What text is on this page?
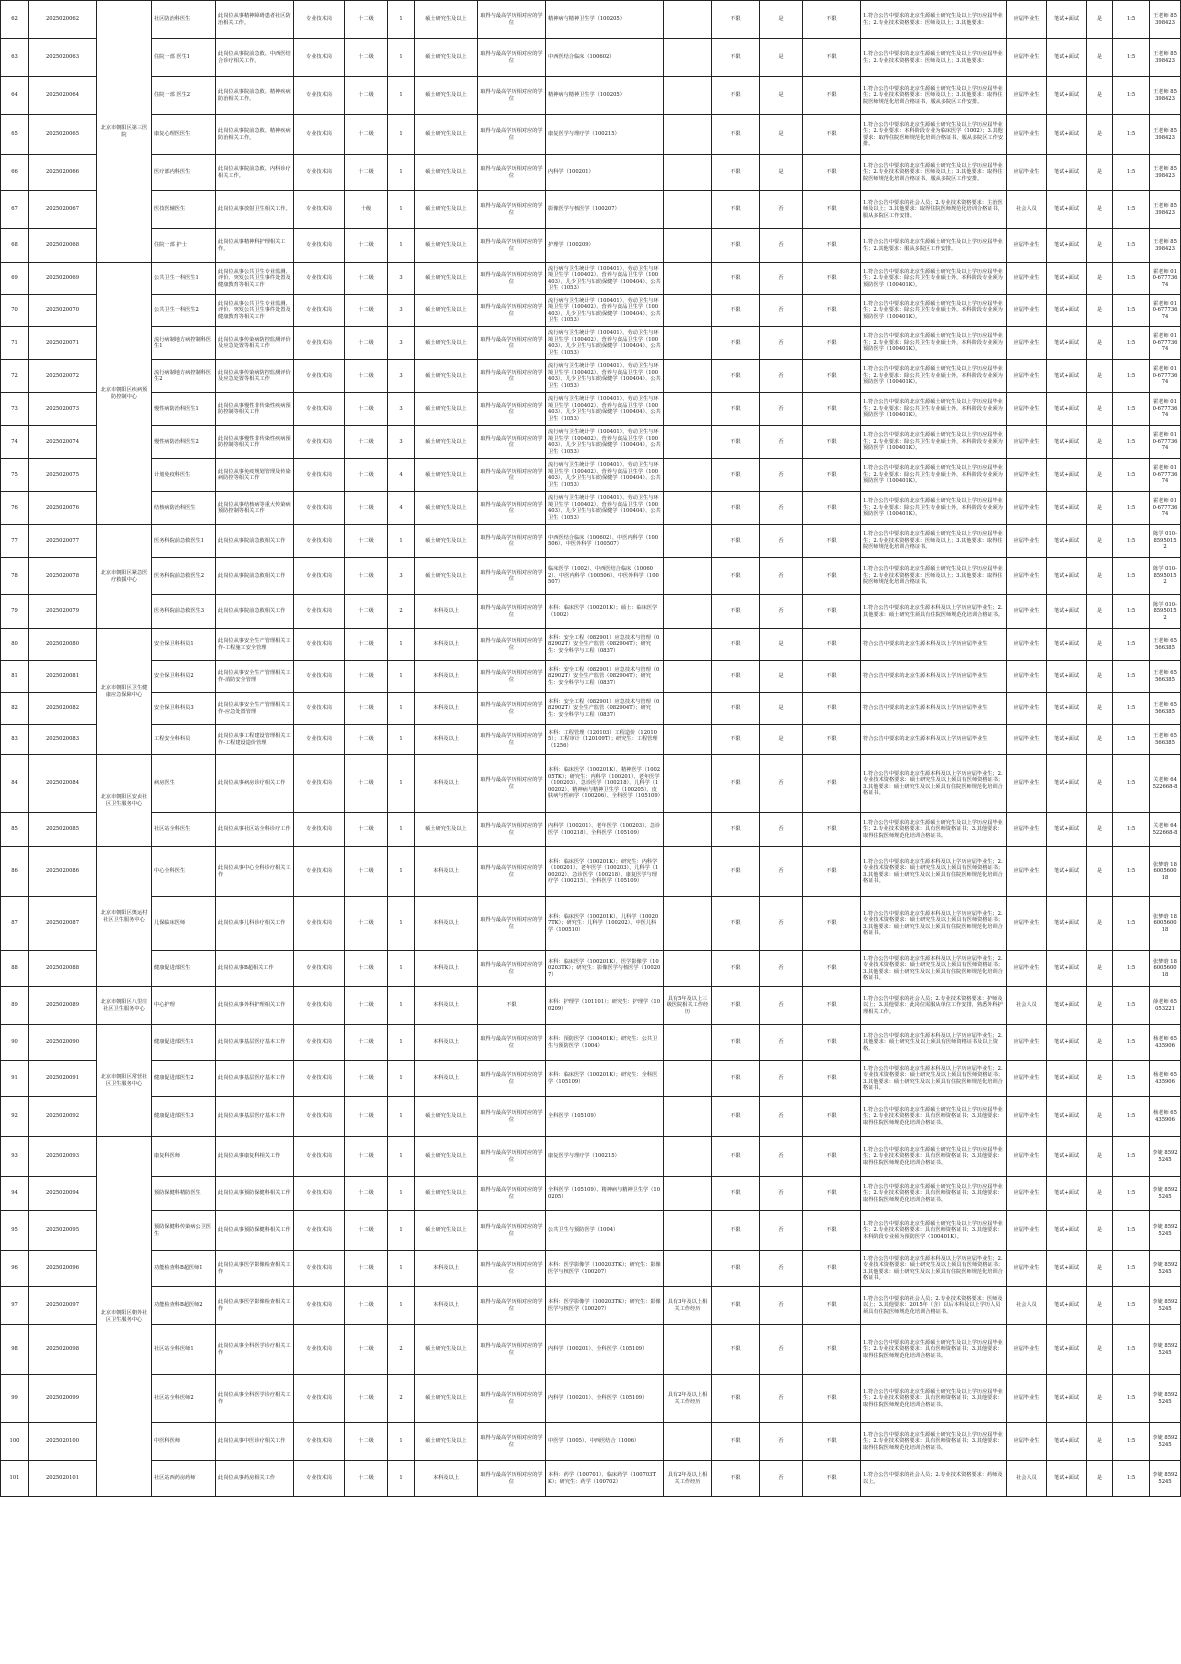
62	2025020062	北京市朝阳区第三医院	社区防治科医生	此岗位从事精神障碍患者社区防治相关工作。	专业技术岗	十二级	1	硕士研究生及以上	取得与最高学历相对应的学位	精神病与精神卫生学（100205）		不限	是	不限	1.符合公告中要求的北京生源硕士研究生及以上学历应届毕业生；2.专业技术资格要求：医师及以上；3.其他要求：	应届毕业生	笔试+面试	是	1:5	王老师 85398423
63	2025020063		住院一部 医生1	此岗位从事院前急救、中西医结合诊疗相关工作。	专业技术岗	十二级	1	硕士研究生及以上	取得与最高学历相对应的学位	中西医结合临床（100602）		不限	是	不限	1.符合公告中要求的北京生源硕士研究生及以上学历应届毕业生；2.专业技术资格要求：医师及以上；3.其他要求：	应届毕业生	笔试+面试	是	1:5	王老师 85398423
64	2025020064		住院一部 医生2	此岗位从事院前急救、精神疾病防治相关工作。	专业技术岗	十二级	1	硕士研究生及以上	取得与最高学历相对应的学位	精神病与精神卫生学（100205）		不限	是	不限	1.符合公告中要求的北京生源硕士研究生及以上学历应届毕业生；2.专业技术资格要求：医师及以上；3.其他要求：取得住院医师规范化培训合格证书，服从多院区工作安排。	应届毕业生	笔试+面试	是	1:5	王老师 85398423
65	2025020065		康复心理医医生	此岗位从事院前急救、精神疾病防治相关工作。	专业技术岗	十二级	1	硕士研究生及以上	取得与最高学历相对应的学位	康复医学与理疗学（100215）		不限	是	不限	1.符合公告中要求的北京生源硕士研究生及以上学历应届毕业生；2.专业要求：本科阶段专业为临床医学（1002）；3.其他要求：取得住院医师规范化培训合格证书，服从多院区工作安排。	应届毕业生	笔试+面试	是	1:5	王老师 85398423
66	2025020066		医疗部内科医生	此岗位从事院前急救、内科诊疗相关工作。	专业技术岗	十二级	1	硕士研究生及以上	取得与最高学历相对应的学位	内科学（100201）		不限	是	不限	1.符合公告中要求的北京生源硕士研究生及以上学历应届毕业生；2.专业技术资格要求：医师及以上；3.其他要求：取得住院医师规范化培训合格证书，服从多院区工作安排。	应届毕业生	笔试+面试	是	1:5	王老师 85398423
67	2025020067		医技医辅医生	此岗位从事放射卫生相关工作。	专业技术岗	十级	1	硕士研究生及以上	取得与最高学历相对应的学位	影像医学与核医学（100207）		不限	否	不限	1.符合公告中要求的社会人员；2.专业技术资格要求：主治医师及以上；3.其他要求：取得住院医师规范化培训合格证书，服从多院区工作安排。	社会人员	笔试+面试	是	1:5	王老师 85398423
68	2025020068		住院一部 护士	此岗位从事精神科护理相关工作。	专业技术岗	十二级	1	硕士研究生及以上	取得与最高学历相对应的学位	护理学（100209）		不限	否	不限	1.符合公告中要求的北京生源硕士研究生及以上学历应届毕业生；2.其他要求：服从多院区工作安排。	应届毕业生	笔试+面试	是	1:5	王老师 85398423
69	2025020069	北京市朝阳区疾病预防控制中心	公共卫生一科医生1	此岗位从事公共卫生专业监测、评价、突发公共卫生事件处置及健康教育等相关工作	专业技术岗	十二级	3	硕士研究生及以上	取得与最高学历相对应的学位	流行病与卫生统计学（100401）、劳动卫生与环境卫生学（100402）、营养与食品卫生学（100403）、儿少卫生与妇幼保健学（100404）、公共卫生（1053）		不限	否	不限	1.符合公告中要求的北京生源硕士研究生及以上学历应届毕业生；2.专业要求：除公共卫生专业硕士外，本科阶段专业须为预防医学（100401K）。	应届毕业生	笔试+面试	是	1:5	霍老师 010-67773674
70	2025020070		公共卫生一科医生2	此岗位从事公共卫生专业监测、评价、突发公共卫生事件处置及健康教育等相关工作	专业技术岗	十二级	3	硕士研究生及以上	取得与最高学历相对应的学位	流行病与卫生统计学（100401）、劳动卫生与环境卫生学（100402）、营养与食品卫生学（100403）、儿少卫生与妇幼保健学（100404）、公共卫生（1053）		不限	否	不限	1.符合公告中要求的北京生源硕士研究生及以上学历应届毕业生；2.专业要求：除公共卫生专业硕士外，本科阶段专业须为预防医学（100401K）。	应届毕业生	笔试+面试	是	1:5	霍老师 010-67773674
71	2025020071		流行病制地方病控制科医生1	此岗位从事传染病防控监测评价及应急处置等相关工作	专业技术岗	十二级	3	硕士研究生及以上	取得与最高学历相对应的学位	流行病与卫生统计学（100401）、劳动卫生与环境卫生学（100402）、营养与食品卫生学（100403）、儿少卫生与妇幼保健学（100404）、公共卫生（1053）		不限	否	不限	1.符合公告中要求的北京生源硕士研究生及以上学历应届毕业生；2.专业要求：除公共卫生专业硕士外，本科阶段专业须为预防医学（100401K）。	应届毕业生	笔试+面试	是	1:5	霍老师 010-67773674
72	2025020072		流行病制地方病控制科医生2	此岗位从事传染病防控监测评价及应急处置等相关工作	专业技术岗	十二级	3	硕士研究生及以上	取得与最高学历相对应的学位	流行病与卫生统计学（100401）、劳动卫生与环境卫生学（100402）、营养与食品卫生学（100403）、儿少卫生与妇幼保健学（100404）、公共卫生（1053）		不限	否	不限	1.符合公告中要求的北京生源硕士研究生及以上学历应届毕业生；2.专业要求：除公共卫生专业硕士外，本科阶段专业须为预防医学（100401K）。	应届毕业生	笔试+面试	是	1:5	霍老师 010-67773674
73	2025020073		慢性病防治科医生1	此岗位从事慢性非传染性疾病预防控制等相关工作	专业技术岗	十二级	3	硕士研究生及以上	取得与最高学历相对应的学位	流行病与卫生统计学（100401）、劳动卫生与环境卫生学（100402）、营养与食品卫生学（100403）、儿少卫生与妇幼保健学（100404）、公共卫生（1053）		不限	否	不限	1.符合公告中要求的北京生源硕士研究生及以上学历应届毕业生；2.专业要求：除公共卫生专业硕士外，本科阶段专业须为预防医学（100401K）。	应届毕业生	笔试+面试	是	1:5	霍老师 010-67773674
74	2025020074		慢性病防治科医生2	此岗位从事慢性非传染性疾病预防控制等相关工作	专业技术岗	十二级	3	硕士研究生及以上	取得与最高学历相对应的学位	流行病与卫生统计学（100401）、劳动卫生与环境卫生学（100402）、营养与食品卫生学（100403）、儿少卫生与妇幼保健学（100404）、公共卫生（1053）		不限	否	不限	1.符合公告中要求的北京生源硕士研究生及以上学历应届毕业生；2.专业要求：除公共卫生专业硕士外，本科阶段专业须为预防医学（100401K）。	应届毕业生	笔试+面试	是	1:5	霍老师 010-67773674
75	2025020075		计划免疫科医生	此岗位从事免疫规划管理及传染病防控等相关工作	专业技术岗	十二级	4	硕士研究生及以上	取得与最高学历相对应的学位	流行病与卫生统计学（100401）、劳动卫生与环境卫生学（100402）、营养与食品卫生学（100403）、儿少卫生与妇幼保健学（100404）、公共卫生（1053）		不限	否	不限	1.符合公告中要求的北京生源硕士研究生及以上学历应届毕业生；2.专业要求：除公共卫生专业硕士外，本科阶段专业须为预防医学（100401K）。	应届毕业生	笔试+面试	是	1:5	霍老师 010-67773674
76	2025020076		结核病防治科医生	此岗位从事结核病等重大传染病预防控制等相关工作	专业技术岗	十二级	4	硕士研究生及以上	取得与最高学历相对应的学位	流行病与卫生统计学（100401）、劳动卫生与环境卫生学（100402）、营养与食品卫生学（100403）、儿少卫生与妇幼保健学（100404）、公共卫生（1053）		不限	否	不限	1.符合公告中要求的北京生源硕士研究生及以上学历应届毕业生；2.专业要求：除公共卫生专业硕士外，本科阶段专业须为预防医学（100401K）。	应届毕业生	笔试+面试	是	1:5	霍老师 010-67773674
77	2025020077	北京市朝阳区紧急医疗救援中心	医务科院前急救医生1	此岗位从事院前急救相关工作	专业技术岗	十二级	1	硕士研究生及以上	取得与最高学历相对应的学位	中西医结合临床（100602）、中医内科学（100506）、中医外科学（100507）		不限	否	不限	1.符合公告中要求的北京生源硕士研究生及以上学历应届毕业生；2.专业技术资格要求：医师及以上；3.其他要求：取得住院医师规范化培训合格证书。	应届毕业生	笔试+面试	是	1:5	陈学 010-85950152
78	2025020078		医务科院前急救医生2	此岗位从事院前急救相关工作	专业技术岗	十二级	3	硕士研究生及以上	取得与最高学历相对应的学位	临床医学（1002）、中西医结合临床（100602）、中医内科学（100506）、中医外科学（100507）		不限	否	不限	1.符合公告中要求的北京生源硕士研究生及以上学历应届毕业生；2.专业技术资格要求：医师及以上；3.其他要求：取得住院医师规范化培训合格证书。	应届毕业生	笔试+面试	是	1:5	陈学 010-85950152
79	2025020079		医务科院前急救医生3	此岗位从事院前急救相关工作	专业技术岗	十二级	2	本科及以上	取得与最高学历相对应的学位	本科：临床医学（100201K）；硕士：临床医学（1002）		不限	否	不限	1.符合公告中要求的北京生源本科及以上学历应届毕业生；2.其他要求：硕士研究生须具有住院医师规范化培训合格证书。	应届毕业生	笔试+面试	是	1:5	陈学 010-85950152
80	2025020080	北京市朝阳区卫生健康应急保障中心	安全保卫科科员1	此岗位从事安全生产管理相关工作-工程施工安全管理	专业技术岗	十二级	1	本科及以上	取得与最高学历相对应的学位	本科：安全工程（082901）应急技术与管理（082902T）安全生产监管（082904T）；研究生：安全科学与工程（0837）		不限	是	不限	符合公告中要求的北京生源本科及以上学历应届毕业生	应届毕业生	笔试+面试	是	1:5	王老师 65566385
81	2025020081		安全保卫科科员2	此岗位从事安全生产管理相关工作-消防安全管理	专业技术岗	十二级	1	本科及以上	取得与最高学历相对应的学位	本科：安全工程（082901）应急技术与管理（082902T）安全生产监管（082904T）；研究生：安全科学与工程（0837）		不限	是	不限	符合公告中要求的北京生源本科及以上学历应届毕业生	应届毕业生	笔试+面试	是	1:5	王老师 65566385
82	2025020082		安全保卫科科员3	此岗位从事安全生产管理相关工作-应急处置管理	专业技术岗	十二级	1	本科及以上	取得与最高学历相对应的学位	本科：安全工程（082901）应急技术与管理（082902T）安全生产监管（082904T）；研究生：安全科学与工程（0837）		不限	是	不限	符合公告中要求的北京生源本科及以上学历应届毕业生	应届毕业生	笔试+面试	是	1:5	王老师 65566385
83	2025020083		工程安全科科员	此岗位从事工程建设管理相关工作-工程建设造价管理	专业技术岗	十二级	1	本科及以上	取得与最高学历相对应的学位	本科：工程管理（120103）工程造价（120105）；工程审计（120109T）；研究生：工程管理（1256）		不限	是	不限	符合公告中要求的北京生源本科及以上学历应届毕业生	应届毕业生	笔试+面试	是	1:5	王老师 65566385
84	2025020084	北京市朝阳区安贞社区卫生服务中心	病房医生	此岗位从事病房诊疗相关工作	专业技术岗	十二级	1	本科及以上	取得与最高学历相对应的学位	本科：临床医学（100201K）、精神医学（100205TK）；研究生：内科学（100201）、老年医学（100203）、急诊医学（100218）、儿科学（100202）、精神病与精神卫生学（100205）、皮肤病与性病学（100206）、全科医学（105109）		不限	否	不限	1.符合公告中要求的北京生源本科及以上学历应届毕业生；2.专业技术资格要求：硕士研究生及以上须具有医师资格证书；3.其他要求：硕士研究生及以上须具有住院医师规范化培训合格证书。	应届毕业生	笔试+面试	是	1:5	关老师 64522668-8
85	2025020085		社区站全科医生	此岗位从事社区站全科诊疗工作	专业技术岗	十二级	1	硕士研究生及以上	取得与最高学历相对应的学位	内科学（100201）、老年医学（100203）、急诊医学（100218）、全科医学（105109）		不限	否	不限	1.符合公告中要求的北京生源硕士研究生及以上学历应届毕业生；2.专业技术资格要求：具有医师资格证书；3.其他要求：取得住院医师规范化培训合格证书。	应届毕业生	笔试+面试	是	1:5	关老师 64522668-8
86	2025020086	北京市朝阳区奥运村社区卫生服务中心	中心全科医生	此岗位从事中心全科诊疗相关工作	专业技术岗	十二级	1	本科及以上	取得与最高学历相对应的学位	本科：临床医学（100201K）；研究生：内科学（100201）、老年医学（100203）、儿科学（100202）、急诊医学（100218）、康复医学与理疗学（100215）、全科医学（105109）		不限	否	不限	1.符合公告中要求的北京生源本科及以上学历应届毕业生；2.专业技术资格要求：硕士研究生及以上须具有医师资格证书；3.其他要求：硕士研究生及以上须具有住院医师规范化培训合格证书。	应届毕业生	笔试+面试	是	1:5	张梦晗 18600560018
87	2025020087		儿保临床医师	此岗位从事儿科诊疗相关工作	专业技术岗	十二级	1	本科及以上	取得与最高学历相对应的学位	本科：临床医学（100201K）、儿科学（100207TK）；研究生：儿科学（100202）、中医儿科学（100510）		不限	否	不限	1.符合公告中要求的北京生源本科及以上学历应届毕业生；2.专业技术资格要求：硕士研究生及以上须具有医师资格证书；3.其他要求：硕士研究生及以上须具有住院医师规范化培训合格证书。	应届毕业生	笔试+面试	是	1:5	张梦晗 18600560018
88	2025020088		健康促进部医生	此岗位从事B超相关工作	专业技术岗	十二级	1	本科及以上	取得与最高学历相对应的学位	本科：临床医学（100201K）、医学影像学（100203TK）；研究生：影像医学与核医学（100207）		不限	否	不限	1.符合公告中要求的北京生源本科及以上学历应届毕业生；2.专业技术资格要求：硕士研究生及以上须具有医师资格证书；3.其他要求：硕士研究生及以上须具有住院医师规范化培训合格证书。	应届毕业生	笔试+面试	是	1:5	张梦晗 18600560018
89	2025020089	北京市朝阳区八里庄社区卫生服务中心	中心护理	此岗位从事外科护理相关工作	专业技术岗	十二级	1	本科及以上	不限	本科：护理学（101101）；研究生：护理学（100209）	具有5年及以上三级医院相关工作经历	不限	否	不限	1.符合公告中要求的社会人员；2.专业技术资格要求：护师及以上；3.其他要求：此岗位需服从单位工作安排，熟悉外科护理相关工作。	社会人员	笔试+面试	是	1:5	薛老师 65053221
90	2025020090	北京市朝阳区常营社区卫生服务中心	健康促进部医生1	此岗位从事基层医疗基本工作	专业技术岗	十二级	1	本科及以上	取得与最高学历相对应的学位	本科：预防医学（100401K）；研究生：公共卫生与预防医学（1004）		不限	否	不限	1.符合公告中要求的北京生源本科及以上学历应届毕业生；2.其他要求：硕士研究生及以上须具有医师资格证书及以上资格。	应届毕业生	笔试+面试	是	1:5	杨老师 65435906
91	2025020091		健康促进部医生2	此岗位从事基层医疗基本工作	专业技术岗	十二级	1	本科及以上	取得与最高学历相对应的学位	本科：临床医学（100201K）；研究生：全科医学（105109）		不限	否	不限	1.符合公告中要求的北京生源本科及以上学历应届毕业生；2.专业技术资格要求：硕士研究生及以上须具有医师资格证书；3.其他要求：硕士研究生及以上须具有住院医师规范化培训合格证书。	应届毕业生	笔试+面试	是	1:5	杨老师 65435906
92	2025020092		健康促进部医生3	此岗位从事基层医疗基本工作	专业技术岗	十二级	1	硕士研究生及以上	取得与最高学历相对应的学位	全科医学（105109）		不限	否	不限	1.符合公告中要求的北京生源硕士研究生及以上学历应届毕业生；2.专业技术资格要求：具有医师资格证书；3.其他要求：取得住院医师规范化培训合格证书。	应届毕业生	笔试+面试	是	1:5	杨老师 65435906
93	2025020093	北京市朝阳区朝外社区卫生服务中心	康复科医师	此岗位从事康复科相关工作	专业技术岗	十二级	1	硕士研究生及以上	取得与最高学历相对应的学位	康复医学与理疗学（100215）		不限	否	不限	1.符合公告中要求的北京生源硕士研究生及以上学历应届毕业生；2.专业技术资格要求：具有医师资格证书；3.其他要求：取得住院医师规范化培训合格证书。	应届毕业生	笔试+面试	是	1:5	李婕 85925245
94	2025020094		预防保健科精防医生	此岗位从事预防保健科相关工作	专业技术岗	十二级	1	硕士研究生及以上	取得与最高学历相对应的学位	全科医学（105109）、精神病与精神卫生学（100205）		不限	否	不限	1.符合公告中要求的北京生源硕士研究生及以上学历应届毕业生；2.专业技术资格要求：具有医师资格证书；3.其他要求：取得住院医师规范化培训合格证书。	应届毕业生	笔试+面试	是	1:5	李婕 85925245
95	2025020095		预防保健科传染病公卫医生	此岗位从事预防保健科相关工作	专业技术岗	十二级	1	硕士研究生及以上	取得与最高学历相对应的学位	公共卫生与预防医学（1004）		不限	否	不限	1.符合公告中要求的北京生源硕士研究生及以上学历应届毕业生；2.专业技术资格要求：具有医师资格证书；3.其他要求：本科阶段专业须为预防医学（100401K）。	应届毕业生	笔试+面试	是	1:5	李婕 85925245
96	2025020096		功能检查科B超医师1	此岗位从事医学影像检查相关工作	专业技术岗	十二级	1	本科及以上	取得与最高学历相对应的学位	本科：医学影像学（100203TK）；研究生：影像医学与核医学（100207）		不限	否	不限	1.符合公告中要求的北京生源本科及以上学历应届毕业生；2.专业技术资格要求：硕士研究生及以上须具有医师资格证书；3.其他要求：硕士研究生及以上须具有住院医师规范化培训合格证书。	应届毕业生	笔试+面试	是	1:5	李婕 85925245
97	2025020097		功能检查科B超医师2	此岗位从事医学影像检查相关工作	专业技术岗	十二级	1	本科及以上	取得与最高学历相对应的学位	本科：医学影像学（100203TK）；研究生：影像医学与核医学（100207）	具有3年及以上相关工作经历	不限	否	不限	1.符合公告中要求的社会人员；2.专业技术资格要求：医师及以上；3.其他要求：2015年（含）以后本科及以上学历人员须具有住院医师规范化培训合格证书。	社会人员	笔试+面试	是	1:5	李婕 85925245
98	2025020098		社区站全科医师1	此岗位从事全科医学诊疗相关工作	专业技术岗	十二级	2	硕士研究生及以上	取得与最高学历相对应的学位	内科学（100201）、全科医学（105109）		不限	否	不限	1.符合公告中要求的北京生源硕士研究生及以上学历应届毕业生；2.专业技术资格要求：具有医师资格证书；3.其他要求：取得住院医师规范化培训合格证书。	应届毕业生	笔试+面试	是	1:5	李婕 85925245
99	2025020099		社区站全科医师2	此岗位从事全科医学诊疗相关工作	专业技术岗	十二级	2	硕士研究生及以上	取得与最高学历相对应的学位	内科学（100201）、全科医学（105109）	具有2年及以上相关工作经历	不限	否	不限	1.符合公告中要求的北京生源硕士研究生及以上学历应届毕业生；2.专业技术资格要求：具有医师资格证书；3.其他要求：取得住院医师规范化培训合格证书。	应届毕业生	笔试+面试	是	1:5	李婕 85925245
100	2025020100		中医科医师	此岗位从事中医诊疗相关工作	专业技术岗	十二级	1	硕士研究生及以上	取得与最高学历相对应的学位	中医学（1005）、中西医结合（1006）		不限	否	不限	1.符合公告中要求的北京生源硕士研究生及以上学历应届毕业生；2.专业技术资格要求：具有医师资格证书；3.其他要求：取得住院医师规范化培训合格证书。	应届毕业生	笔试+面试	是	1:5	李婕 85925245
101	2025020101		社区站西药房药师	此岗位从事药房相关工作	专业技术岗	十二级	1	本科及以上	取得与最高学历相对应的学位	本科：药学（100701）、临床药学（100703TK）；研究生：药学（100702）	具有2年及以上相关工作经历	不限	否	不限	1.符合公告中要求的社会人员；2.专业技术资格要求：药师及以上。	社会人员	笔试+面试	是	1:5	李婕 85925245
